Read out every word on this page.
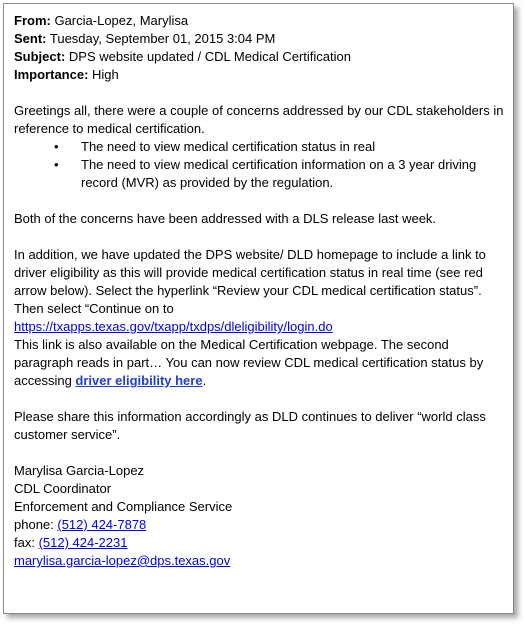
From: Garcia-Lopez, Marylisa

Sent: Tuesday, September 01, 2015 3:04 PM

Subject: DPS website updated / CDL Medical Certification

Importance: High

Greetings all, there were a couple of concerns addressed by our CDL stakeholders in reference to medical certification.

• The need to view medical certification status in real
• The need to view medical certification information on a 3 year driving record (MVR) as provided by the regulation.

Both of the concerns have been addressed with a DLS release last week.

In addition, we have updated the DPS website/ DLD homepage to include a link to driver eligibility as this will provide medical certification status in real time (see red arrow below). Select the hyperlink “Review your CDL medical certification status”. Then select “Continue on to
https://txapps.texas.gov/txapp/txdps/dleligibility/login.do
This link is also available on the Medical Certification webpage. The second paragraph reads in part… You can now review CDL medical certification status by accessing driver eligibility here.

Please share this information accordingly as DLD continues to deliver “world class customer service”.

Marylisa Garcia-Lopez

CDL Coordinator

Enforcement and Compliance Service

phone: (512) 424-7878

fax: (512) 424-2231

marylisa.garcia-lopez@dps.texas.gov
